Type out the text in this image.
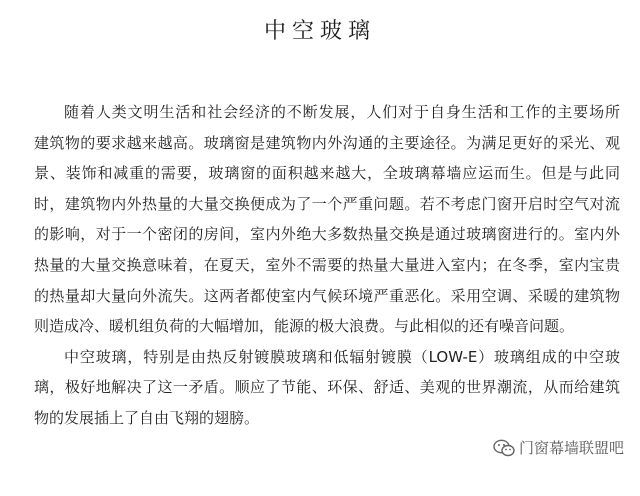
中空玻璃
随着人类文明生活和社会经济的不断发展，人们对于自身生活和工作的主要场所
建筑物的要求越来越高。玻璃窗是建筑物内外沟通的主要途径。为满足更好的采光、观
景、装饰和减重的需要，玻璃窗的面积越来越大，全玻璃幕墙应运而生。但是与此同
时，建筑物内外热量的大量交换便成为了一个严重问题。若不考虑门窗开启时空气对流
的影响，对于一个密闭的房间，室内外绝大多数热量交换是通过玻璃窗进行的。室内外
热量的大量交换意味着，在夏天，室外不需要的热量大量进入室内；在冬季，室内宝贵
的热量却大量向外流失。这两者都使室内气候环境严重恶化。采用空调、采暖的建筑物
则造成冷、暖机组负荷的大幅增加，能源的极大浪费。与此相似的还有噪音问题。
中空玻璃，特别是由热反射镀膜玻璃和低辐射镀膜（LOW-E）玻璃组成的中空玻
璃，极好地解决了这一矛盾。顺应了节能、环保、舒适、美观的世界潮流，从而给建筑
物的发展插上了自由飞翔的翅膀。
门窗幕墙联盟吧
